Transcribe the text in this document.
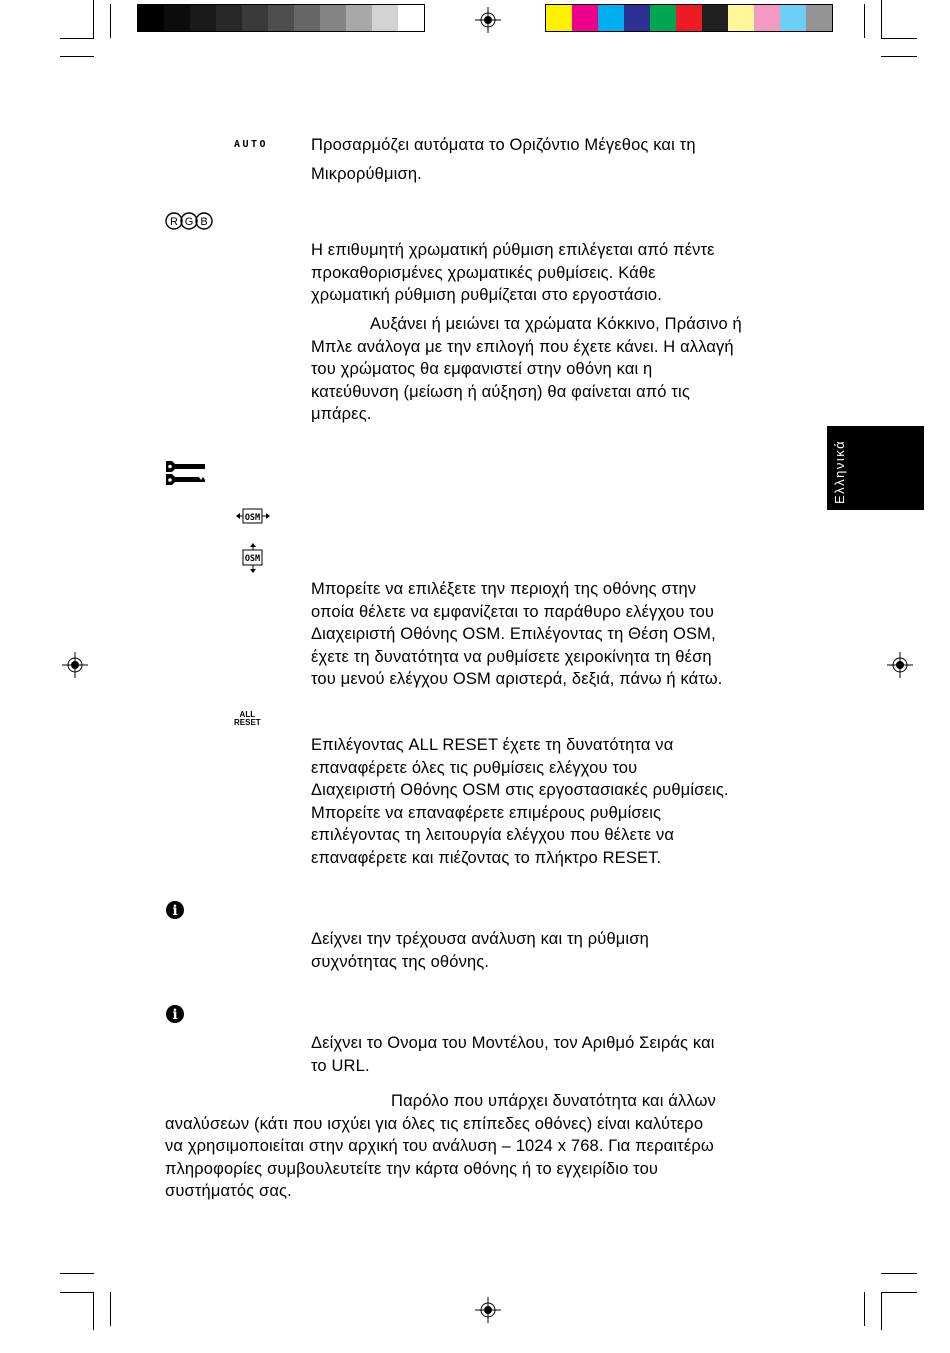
Ελληνικά
AUTO
R G B
OSM
OSM
ALL
RESET
i
i
Προσαρμόζει αυτόματα το Οριζόντιο Μέγεθος και τη
Μικρορύθμιση.
Η επιθυμητή χρωματική ρύθμιση επιλέγεται από πέντε
προκαθορισμένες χρωματικές ρυθμίσεις. Κάθε
χρωματική ρύθμιση ρυθμίζεται στο εργοστάσιο.
Αυξάνει ή μειώνει τα χρώματα Κόκκινο, Πράσινο ή
Μπλε ανάλογα με την επιλογή που έχετε κάνει. Η αλλαγή
του χρώματος θα εμφανιστεί στην οθόνη και η
κατεύθυνση (μείωση ή αύξηση) θα φαίνεται από τις
μπάρες.
Μπορείτε να επιλέξετε την περιοχή της οθόνης στην
οποία θέλετε να εμφανίζεται το παράθυρο ελέγχου του
Διαχειριστή Οθόνης OSM. Επιλέγοντας τη Θέση OSM,
έχετε τη δυνατότητα να ρυθμίσετε χειροκίνητα τη θέση
του μενού ελέγχου OSM αριστερά, δεξιά, πάνω ή κάτω.
Επιλέγοντας ALL RESET έχετε τη δυνατότητα να
επαναφέρετε όλες τις ρυθμίσεις ελέγχου του
Διαχειριστή Οθόνης OSM στις εργοστασιακές ρυθμίσεις.
Μπορείτε να επαναφέρετε επιμέρους ρυθμίσεις
επιλέγοντας τη λειτουργία ελέγχου που θέλετε να
επαναφέρετε και πιέζοντας το πλήκτρο RESET.
Δείχνει την τρέχουσα ανάλυση και τη ρύθμιση
συχνότητας της οθόνης.
Δείχνει το Ονομα του Μοντέλου, τον Αριθμό Σειράς και
το URL.
Παρόλο που υπάρχει δυνατότητα και άλλων
αναλύσεων (κάτι που ισχύει για όλες τις επίπεδες οθόνες) είναι καλύτερο
να χρησιμοποιείται στην αρχική του ανάλυση – 1024 x 768. Για περαιτέρω
πληροφορίες συμβουλευτείτε την κάρτα οθόνης ή το εγχειρίδιο του
συστήματός σας.
